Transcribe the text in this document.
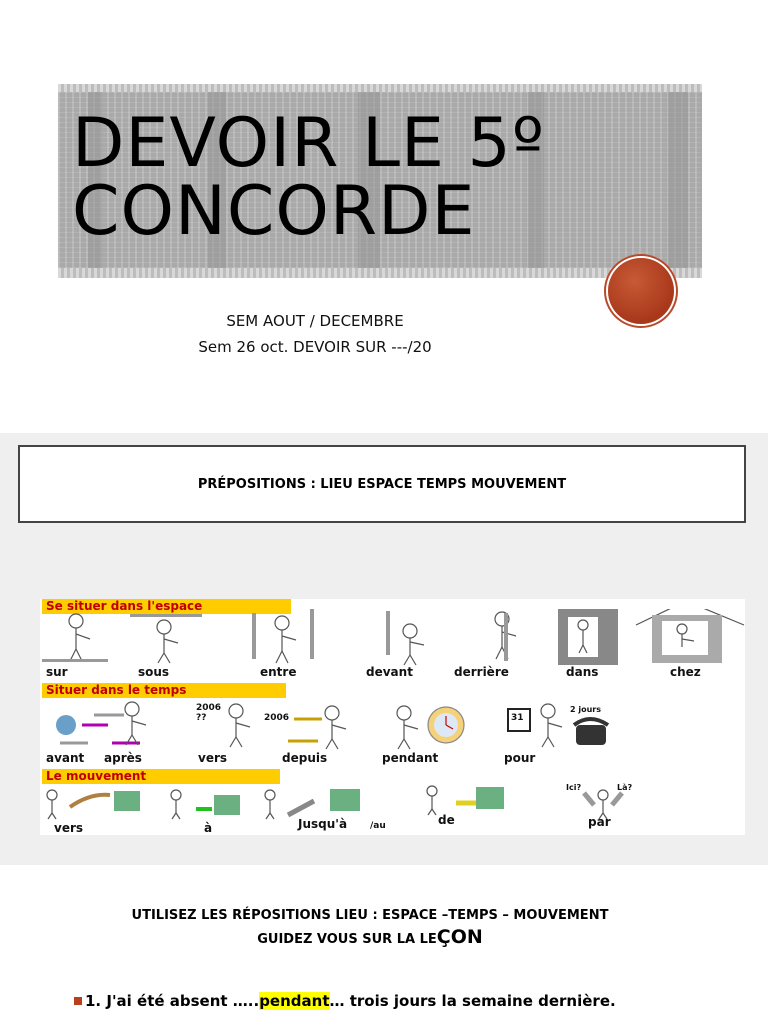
DEVOIR LE 5º
CONCORDE
SEM AOUT / DECEMBRE
Sem 26 oct. DEVOIR SUR ---/20
PRÉPOSITIONS : LIEU ESPACE TEMPS MOUVEMENT
Se situer dans l'espace
Situer dans le temps
Le mouvement
sur	sous	entre	devant	derrière	dans	chez
2006
??	2006	31
2 jours
avant après	vers	depuis	pendant	pour
Ici?	Là?
vers	à	Jusqu'à	/au	de	par
UTILISEZ LES RÉPOSITIONS LIEU : ESPACE –TEMPS – MOUVEMENT
GUIDEZ VOUS SUR LA LEÇON
1. J'ai été absent …..pendant… trois jours la semaine dernière.
